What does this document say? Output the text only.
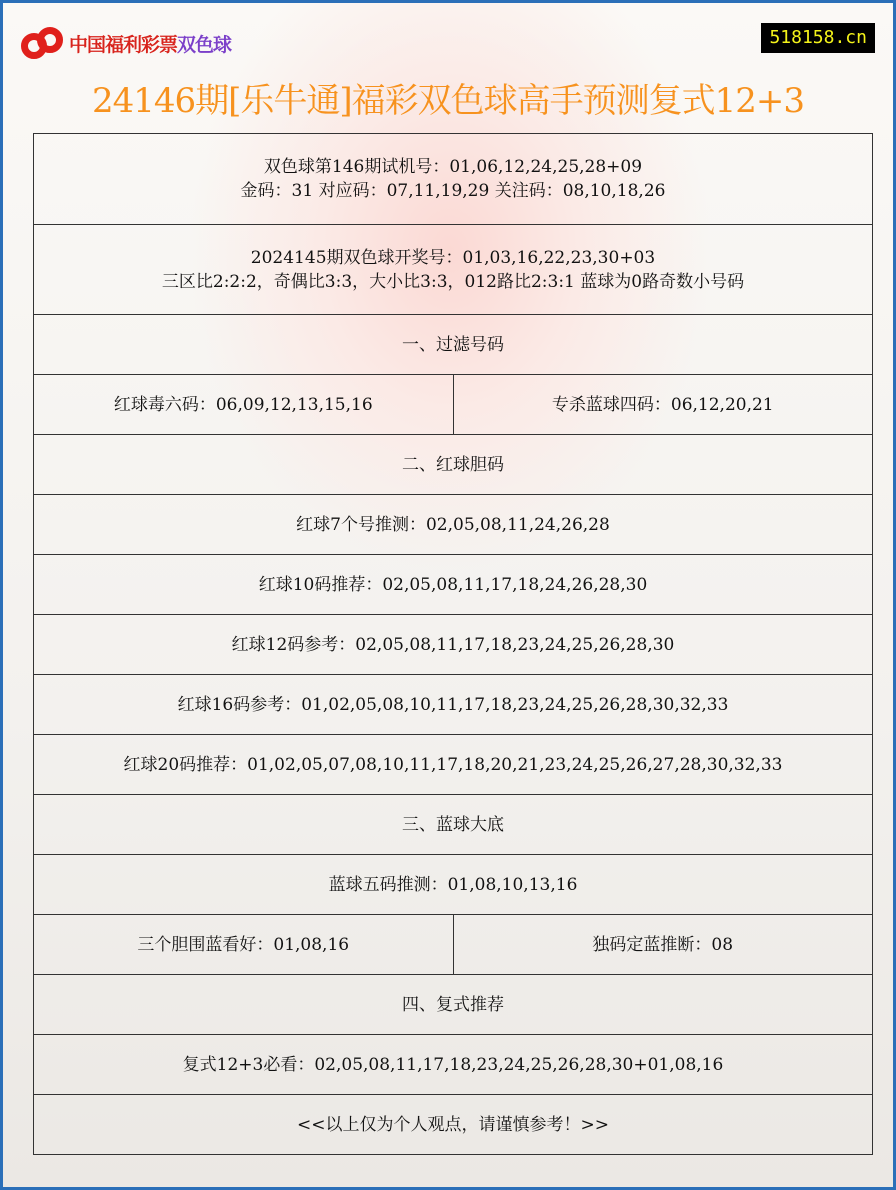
中国福利彩票双色球	518158.cn
24146期[乐牛通]福彩双色球高手预测复式12+3
双色球第146期试机号：01,06,12,24,25,28+09
金码：31 对应码：07,11,19,29 关注码：08,10,18,26
2024145期双色球开奖号：01,03,16,22,23,30+03
三区比2:2:2，奇偶比3:3，大小比3:3，012路比2:3:1 蓝球为0路奇数小号码
一、过滤号码
红球毒六码：06,09,12,13,15,16	专杀蓝球四码：06,12,20,21
二、红球胆码
红球7个号推测：02,05,08,11,24,26,28
红球10码推荐：02,05,08,11,17,18,24,26,28,30
红球12码参考：02,05,08,11,17,18,23,24,25,26,28,30
红球16码参考：01,02,05,08,10,11,17,18,23,24,25,26,28,30,32,33
红球20码推荐：01,02,05,07,08,10,11,17,18,20,21,23,24,25,26,27,28,30,32,33
三、蓝球大底
蓝球五码推测：01,08,10,13,16
三个胆围蓝看好：01,08,16	独码定蓝推断：08
四、复式推荐
复式12+3必看：02,05,08,11,17,18,23,24,25,26,28,30+01,08,16
<<以上仅为个人观点，请谨慎参考！>>
